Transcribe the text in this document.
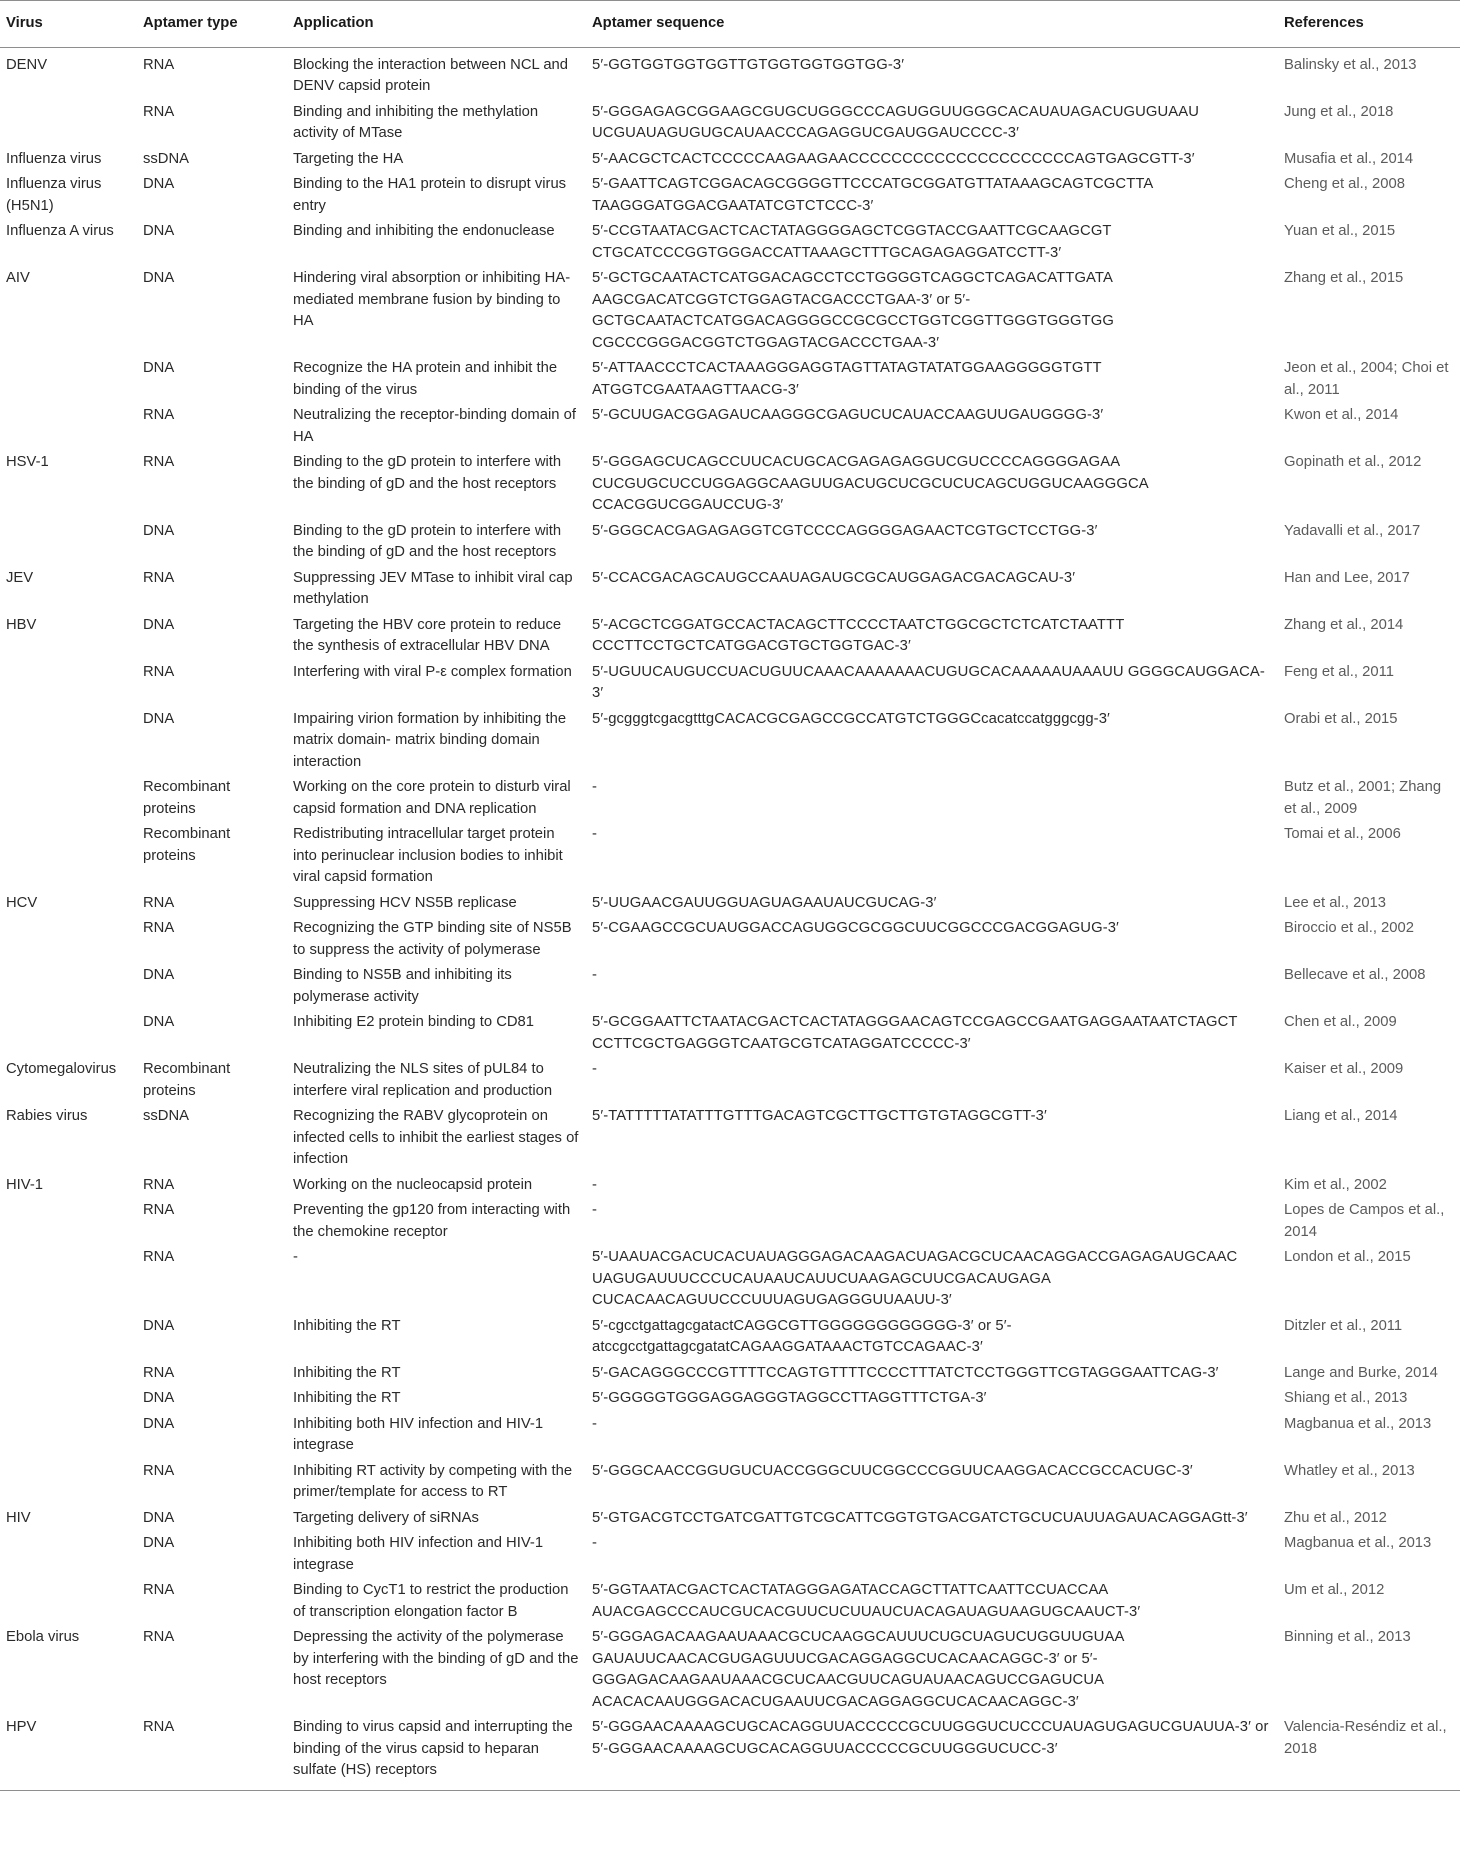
Virus	Aptamer type	Application	Aptamer sequence	References
DENV	RNA	Blocking the interaction between NCL and DENV capsid protein	5′-GGTGGTGGTGGTTGTGGTGGTGGTGG-3′	Balinsky et al., 2013
	RNA	Binding and inhibiting the methylation activity of MTase	5′-GGGAGAGCGGAAGCGUGCUGGGCCCAGUGGUUGGGCACAUAUAGACUGUGUAAU UCGUAUAGUGUGCAUAACCCAGAGGUCGAUGGAUCCCC-3′	Jung et al., 2018
Influenza virus	ssDNA	Targeting the HA	5′-AACGCTCACTCCCCCAAGAAGAACCCCCCCCCCCCCCCCCCCCCAGTGAGCGTT-3′	Musafia et al., 2014
Influenza virus (H5N1)	DNA	Binding to the HA1 protein to disrupt virus entry	5′-GAATTCAGTCGGACAGCGGGGTTCCCATGCGGATGTTATAAAGCAGTCGCTTA TAAGGGATGGACGAATATCGTCTCCC-3′	Cheng et al., 2008
Influenza A virus	DNA	Binding and inhibiting the endonuclease	5′-CCGTAATACGACTCACTATAGGGGAGCTCGGTACCGAATTCGCAAGCGT CTGCATCCCGGTGGGACCATTAAAGCTTTGCAGAGAGGATCCTT-3′	Yuan et al., 2015
AIV	DNA	Hindering viral absorption or inhibiting HA-mediated membrane fusion by binding to HA	5′-GCTGCAATACTCATGGACAGCCTCCTGGGGTCAGGCTCAGACATTGATA AAGCGACATCGGTCTGGAGTACGACCCTGAA-3′ or 5′-GCTGCAATACTCATGGACAGGGGCCGCGCCTGGTCGGTTGGGTGGGTGG CGCCCGGGACGGTCTGGAGTACGACCCTGAA-3′	Zhang et al., 2015
	DNA	Recognize the HA protein and inhibit the binding of the virus	5′-ATTAACCCTCACTAAAGGGAGGTAGTTATAGTATATGGAAGGGGGTGTT ATGGTCGAATAAGTTAACG-3′	Jeon et al., 2004; Choi et al., 2011
	RNA	Neutralizing the receptor-binding domain of HA	5′-GCUUGACGGAGAUCAAGGGCGAGUCUCAUACCAAGUUGAUGGGG-3′	Kwon et al., 2014
HSV-1	RNA	Binding to the gD protein to interfere with the binding of gD and the host receptors	5′-GGGAGCUCAGCCUUCACUGCACGAGAGAGGUCGUCCCCAGGGGAGAA CUCGUGCUCCUGGAGGCAAGUUGACUGCUCGCUCUCAGCUGGUCAAGGGCA CCACGGUCGGAUCCUG-3′	Gopinath et al., 2012
	DNA	Binding to the gD protein to interfere with the binding of gD and the host receptors	5′-GGGCACGAGAGAGGTCGTCCCCAGGGGAGAACTCGTGCTCCTGG-3′	Yadavalli et al., 2017
JEV	RNA	Suppressing JEV MTase to inhibit viral cap methylation	5′-CCACGACAGCAUGCCAAUAGAUGCGCAUGGAGACGACAGCAU-3′	Han and Lee, 2017
HBV	DNA	Targeting the HBV core protein to reduce the synthesis of extracellular HBV DNA	5′-ACGCTCGGATGCCACTACAGCTTCCCCTAATCTGGCGCTCTCATCTAATTT CCCTTCCTGCTCATGGACGTGCTGGTGAC-3′	Zhang et al., 2014
	RNA	Interfering with viral P-ε complex formation	5′-UGUUCAUGUCCUACUGUUCAAACAAAAAAACUGUGCACAAAAAUAAAUU GGGGCAUGGACA-3′	Feng et al., 2011
	DNA	Impairing virion formation by inhibiting the matrix domain- matrix binding domain interaction	5′-gcgggtcgacgtttgCACACGCGAGCCGCCATGTCTGGGCcacatccatgggcgg-3′	Orabi et al., 2015
	Recombinant proteins	Working on the core protein to disturb viral capsid formation and DNA replication	-	Butz et al., 2001; Zhang et al., 2009
	Recombinant proteins	Redistributing intracellular target protein into perinuclear inclusion bodies to inhibit viral capsid formation	-	Tomai et al., 2006
HCV	RNA	Suppressing HCV NS5B replicase	5′-UUGAACGAUUGGUAGUAGAAUAUCGUCAG-3′	Lee et al., 2013
	RNA	Recognizing the GTP binding site of NS5B to suppress the activity of polymerase	5′-CGAAGCCGCUAUGGACCAGUGGCGCGGCUUCGGCCCGACGGAGUG-3′	Biroccio et al., 2002
	DNA	Binding to NS5B and inhibiting its polymerase activity	-	Bellecave et al., 2008
	DNA	Inhibiting E2 protein binding to CD81	5′-GCGGAATTCTAATACGACTCACTATAGGGAACAGTCCGAGCCGAATGAGGAATAATCTAGCT CCTTCGCTGAGGGTCAATGCGTCATAGGATCCCCC-3′	Chen et al., 2009
Cytomegalovirus	Recombinant proteins	Neutralizing the NLS sites of pUL84 to interfere viral replication and production	-	Kaiser et al., 2009
Rabies virus	ssDNA	Recognizing the RABV glycoprotein on infected cells to inhibit the earliest stages of infection	5′-TATTTTTATATTTGTTTGACAGTCGCTTGCTTGTGTAGGCGTT-3′	Liang et al., 2014
HIV-1	RNA	Working on the nucleocapsid protein	-	Kim et al., 2002
	RNA	Preventing the gp120 from interacting with the chemokine receptor	-	Lopes de Campos et al., 2014
	RNA	-	5′-UAAUACGACUCACUAUAGGGAGACAAGACUAGACGCUCAACAGGACCGAGAGAUGCAAC UAGUGAUUUCCCUCAUAAUCAUUCUAAGAGCUUCGACAUGAGA CUCACAACAGUUCCCUUUAGUGAGGGUUAAUU-3′	London et al., 2015
	DNA	Inhibiting the RT	5′-cgcctgattagcgatactCAGGCGTTGGGGGGGGGGGG-3′ or 5′-atccgcctgattagcgatatCAGAAGGATAAACTGTCCAGAAC-3′	Ditzler et al., 2011
	RNA	Inhibiting the RT	5′-GACAGGGCCCGTTTTCCAGTGTTTTCCCCTTTATCTCCTGGGTTCGTAGGGAATTCAG-3′	Lange and Burke, 2014
	DNA	Inhibiting the RT	5′-GGGGGTGGGAGGAGGGTAGGCCTTAGGTTTCTGA-3′	Shiang et al., 2013
	DNA	Inhibiting both HIV infection and HIV-1 integrase	-	Magbanua et al., 2013
	RNA	Inhibiting RT activity by competing with the primer/template for access to RT	5′-GGGCAACCGGUGUCUACCGGGCUUCGGCCCGGUUCAAGGACACCGCCACUGC-3′	Whatley et al., 2013
HIV	DNA	Targeting delivery of siRNAs	5′-GTGACGTCCTGATCGATTGTCGCATTCGGTGTGACGATCTGCUCUAUUAGAUACAGGAGtt-3′	Zhu et al., 2012
	DNA	Inhibiting both HIV infection and HIV-1 integrase	-	Magbanua et al., 2013
	RNA	Binding to CycT1 to restrict the production of transcription elongation factor B	5′-GGTAATACGACTCACTATAGGGAGATACCAGCTTATTCAATTCCUACCAA AUACGAGCCCAUCGUCACGUUCUCUUAUCUACAGAUAGUAAGUGCAAUCT-3′	Um et al., 2012
Ebola virus	RNA	Depressing the activity of the polymerase by interfering with the binding of gD and the host receptors	5′-GGGAGACAAGAAUAAACGCUCAAGGCAUUUCUGCUAGUCUGGUUGUAA GAUAUUCAACACGUGAGUUUCGACAGGAGGCUCACAACAGGC-3′ or 5′-GGGAGACAAGAAUAAACGCUCAACGUUCAGUAUAACAGUCCGAGUCUA ACACACAAUGGGACACUGAAUUCGACAGGAGGCUCACAACAGGC-3′	Binning et al., 2013
HPV	RNA	Binding to virus capsid and interrupting the binding of the virus capsid to heparan sulfate (HS) receptors	5′-GGGAACAAAAGCUGCACAGGUUACCCCCGCUUGGGUCUCCCUAUAGUGAGUCGUAUUA-3′ or 5′-GGGAACAAAAGCUGCACAGGUUACCCCCGCUUGGGUCUCC-3′	Valencia-Reséndiz et al., 2018
